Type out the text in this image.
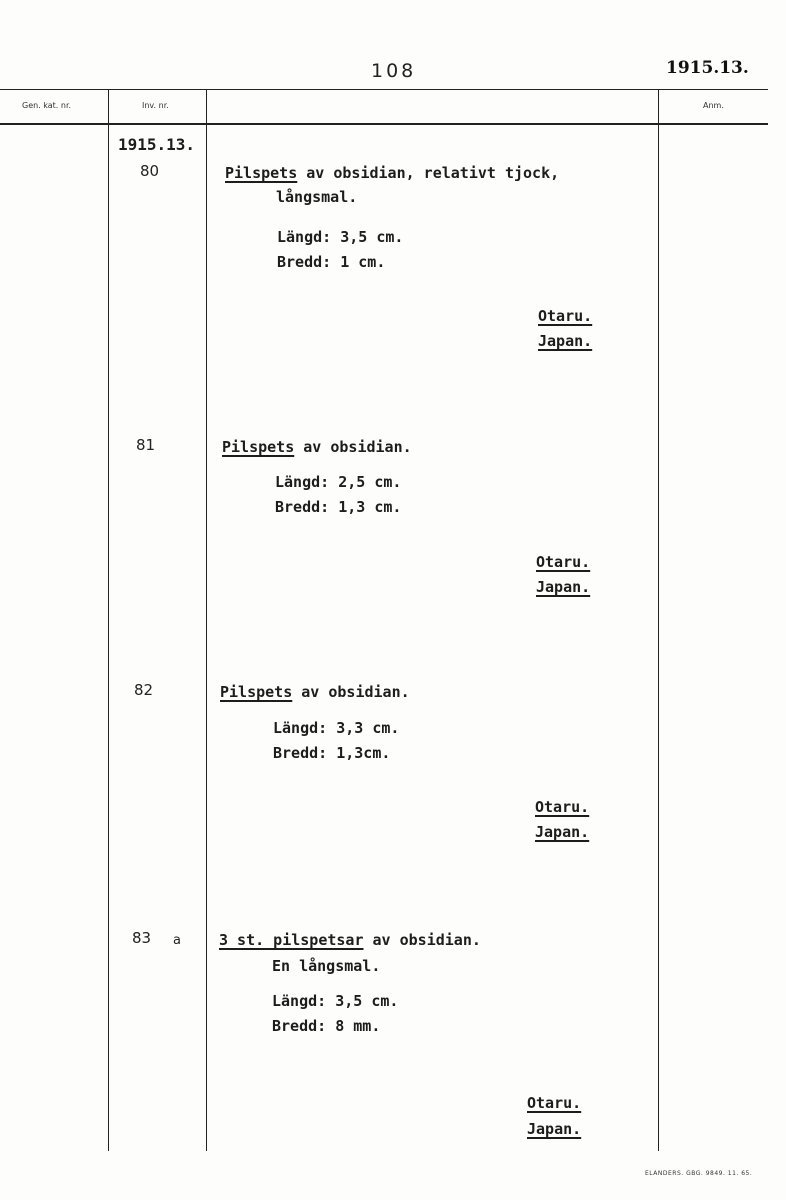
108	1915.13.
Gen. kat. nr.	Inv. nr.	Anm.
1915.13.
80	Pilspets av obsidian, relativt tjock,
långsmal.
Längd: 3,5 cm.
Bredd: 1 cm.
Otaru.
Japan.
81	Pilspets av obsidian.
Längd: 2,5 cm.
Bredd: 1,3 cm.
Otaru.
Japan.
82	Pilspets av obsidian.
Längd: 3,3 cm.
Bredd: 1,3cm.
Otaru.
Japan.
83 a	3 st. pilspetsar av obsidian.
En långsmal.
Längd: 3,5 cm.
Bredd: 8 mm.
Otaru.
Japan.
ELANDERS. GBG. 9849. 11. 65.
